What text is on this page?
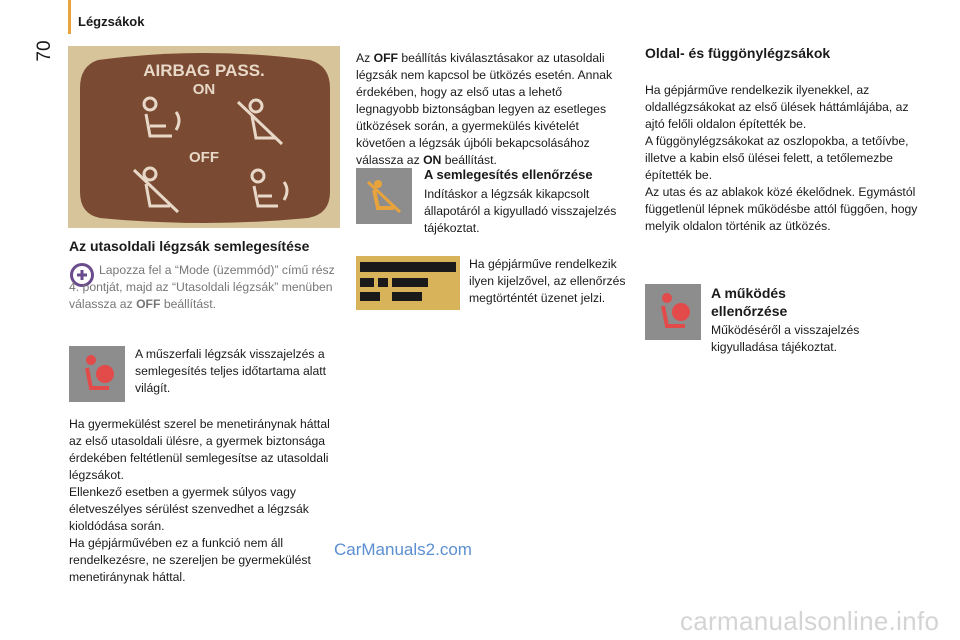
70
Légzsákok
AIRBAG PASS.
ON
OFF
Az utasoldali légzsák semlegesítése

Lapozza fel a “Mode (üzemmód)” című rész 4. pontját, majd az “Utasoldali légzsák” menüben válassza az OFF beállítást.

A műszerfali légzsák visszajelzés a semlegesítés teljes időtartama alatt világít.

Ha gyermekülést szerel be menetiránynak háttal az első utasoldali ülésre, a gyermek biztonsága érdekében feltétlenül semlegesítse az utasoldali légzsákot.

Ellenkező esetben a gyermek súlyos vagy életveszélyes sérülést szenvedhet a légzsák kioldódása során.

Ha gépjárművében ez a funkció nem áll rendelkezésre, ne szereljen be gyermekülést menetiránynak háttal.

Az OFF beállítás kiválasztásakor az utasoldali légzsák nem kapcsol be ütközés esetén. Annak érdekében, hogy az első utas a lehető legnagyobb biztonságban legyen az esetleges ütközések során, a gyermekülés kivételét követően a légzsák újbóli bekapcsolásához válassza az ON beállítást.

A semlegesítés ellenőrzése

Indításkor a légzsák kikapcsolt állapotáról a kigyulladó visszajelzés tájékoztat.

Ha gépjárműve rendelkezik ilyen kijelzővel, az ellenőrzés megtörténtét üzenet jelzi.

Oldal- és függönylégzsákok

Ha gépjárműve rendelkezik ilyenekkel, az oldallégzsákokat az első ülések háttámlájába, az ajtó felőli oldalon építették be.

A függönylégzsákokat az oszlopokba, a tetőívbe, illetve a kabin első ülései felett, a tetőlemezbe építették be.

Az utas és az ablakok közé ékelődnek. Egymástól függetlenül lépnek működésbe attól függően, hogy melyik oldalon történik az ütközés.

A működés ellenőrzése

Működéséről a visszajelzés kigyulladása tájékoztat.

CarManuals2.com
carmanualsonline.info
